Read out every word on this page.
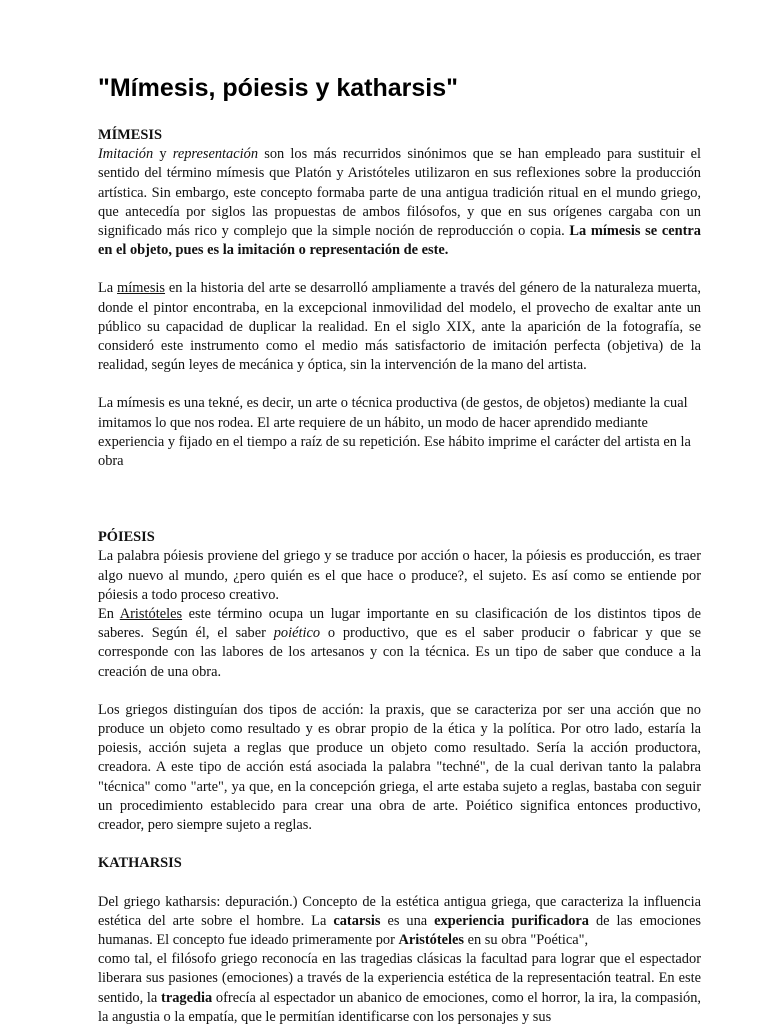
"Mímesis, póiesis y katharsis"
MÍMESIS

Imitación y representación son los más recurridos sinónimos que se han empleado para sustituir el sentido del término mímesis que Platón y Aristóteles utilizaron en sus reflexiones sobre la producción artística. Sin embargo, este concepto formaba parte de una antigua tradición ritual en el mundo griego, que antecedía por siglos las propuestas de ambos filósofos, y que en sus orígenes cargaba con un significado más rico y complejo que la simple noción de reproducción o copia. La mímesis se centra en el objeto, pues es la imitación o representación de este.

La mímesis en la historia del arte se desarrolló ampliamente a través del género de la naturaleza muerta, donde el pintor encontraba, en la excepcional inmovilidad del modelo, el provecho de exaltar ante un público su capacidad de duplicar la realidad. En el siglo XIX, ante la aparición de la fotografía, se consideró este instrumento como el medio más satisfactorio de imitación perfecta (objetiva) de la realidad, según leyes de mecánica y óptica, sin la intervención de la mano del artista.

La mímesis es una tekné, es decir, un arte o técnica productiva (de gestos, de objetos) mediante la cual imitamos lo que nos rodea. El arte requiere de un hábito, un modo de hacer aprendido mediante experiencia y fijado en el tiempo a raíz de su repetición. Ese hábito imprime el carácter del artista en la obra

PÓIESIS

La palabra póiesis proviene del griego y se traduce por acción o hacer, la póiesis es producción, es traer algo nuevo al mundo, ¿pero quién es el que hace o produce?, el sujeto. Es así como se entiende por póiesis a todo proceso creativo.

En Aristóteles este término ocupa un lugar importante en su clasificación de los distintos tipos de saberes. Según él, el saber poiético o productivo, que es el saber producir o fabricar y que se corresponde con las labores de los artesanos y con la técnica. Es un tipo de saber que conduce a la creación de una obra.

Los griegos distinguían dos tipos de acción: la praxis, que se caracteriza por ser una acción que no produce un objeto como resultado y es obrar propio de la ética y la política. Por otro lado, estaría la poiesis, acción sujeta a reglas que produce un objeto como resultado. Sería la acción productora, creadora. A este tipo de acción está asociada la palabra "techné", de la cual derivan tanto la palabra "técnica" como "arte", ya que, en la concepción griega, el arte estaba sujeto a reglas, bastaba con seguir un procedimiento establecido para crear una obra de arte. Poiético significa entonces productivo, creador, pero siempre sujeto a reglas.

KATHARSIS

Del griego katharsis: depuración.) Concepto de la estética antigua griega, que caracteriza la influencia estética del arte sobre el hombre. La catarsis es una experiencia purificadora de las emociones humanas. El concepto fue ideado primeramente por Aristóteles en su obra "Poética",

como tal, el filósofo griego reconocía en las tragedias clásicas la facultad para lograr que el espectador liberara sus pasiones (emociones) a través de la experiencia estética de la representación teatral. En este sentido, la tragedia ofrecía al espectador un abanico de emociones, como el horror, la ira, la compasión, la angustia o la empatía, que le permitían identificarse con los personajes y sus
